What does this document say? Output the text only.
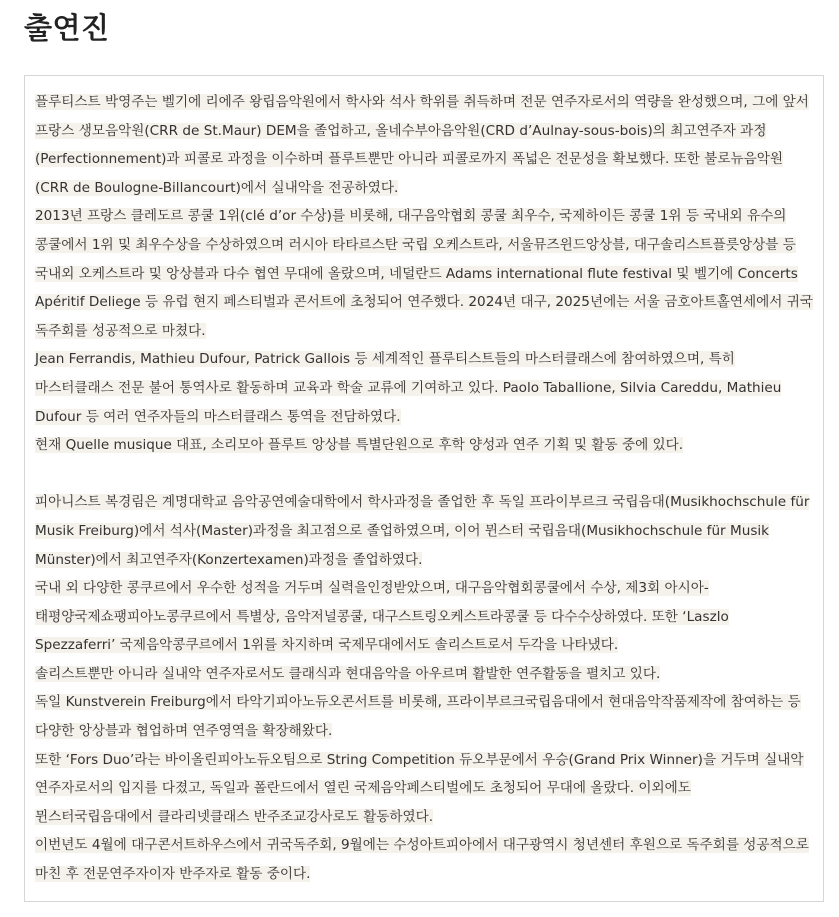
출연진
플루티스트 박영주는 벨기에 리에주 왕립음악원에서 학사와 석사 학위를 취득하며 전문 연주자로서의 역량을 완성했으며, 그에 앞서 프랑스 생모음악원(CRR de St.Maur) DEM을 졸업하고, 올네수부아음악원(CRD d’Aulnay-sous-bois)의 최고연주자 과정(Perfectionnement)과 피콜로 과정을 이수하며 플루트뿐만 아니라 피콜로까지 폭넓은 전문성을 확보했다. 또한 불로뉴음악원(CRR de Boulogne-Billancourt)에서 실내악을 전공하였다.
2013년 프랑스 클레도르 콩쿨 1위(clé d’or 수상)를 비롯해, 대구음악협회 콩쿨 최우수, 국제하이든 콩쿨 1위 등 국내외 유수의 콩쿨에서 1위 및 최우수상을 수상하였으며 러시아 타타르스탄 국립 오케스트라, 서울뮤즈윈드앙상블, 대구솔리스트플릇앙상블 등 국내외 오케스트라 및 앙상블과 다수 협연 무대에 올랐으며, 네덜란드 Adams international flute festival 및 벨기에 Concerts Apéritif Deliege 등 유럽 현지 페스티벌과 콘서트에 초청되어 연주했다. 2024년 대구, 2025년에는 서울 금호아트홀연세에서 귀국 독주회를 성공적으로 마쳤다.
Jean Ferrandis, Mathieu Dufour, Patrick Gallois 등 세계적인 플루티스트들의 마스터클래스에 참여하였으며, 특히 마스터클래스 전문 불어 통역사로 활동하며 교육과 학술 교류에 기여하고 있다. Paolo Taballione, Silvia Careddu, Mathieu Dufour 등 여러 연주자들의 마스터클래스 통역을 전담하였다.
현재 Quelle musique 대표, 소리모아 플루트 앙상블 특별단원으로 후학 양성과 연주 기획 및 활동 중에 있다.
피아니스트 복경림은 계명대학교 음악공연예술대학에서 학사과정을 졸업한 후 독일 프라이부르크 국립음대(Musikhochschule für Musik Freiburg)에서 석사(Master)과정을 최고점으로 졸업하였으며, 이어 뮌스터 국립음대(Musikhochschule für Musik Münster)에서 최고연주자(Konzertexamen)과정을 졸업하였다.
국내 외 다양한 콩쿠르에서 우수한 성적을 거두며 실력을인정받았으며, 대구음악협회콩쿨에서 수상, 제3회 아시아-태평양국제쇼팽피아노콩쿠르에서 특별상, 음악저널콩쿨, 대구스트링오케스트라콩쿨 등 다수수상하였다. 또한 ‘Laszlo Spezzaferri’ 국제음악콩쿠르에서 1위를 차지하며 국제무대에서도 솔리스트로서 두각을 나타냈다.
솔리스트뿐만 아니라 실내악 연주자로서도 클래식과 현대음악을 아우르며 활발한 연주활동을 펼치고 있다.
독일 Kunstverein Freiburg에서 타악기피아노듀오콘서트를 비롯해, 프라이부르크국립음대에서 현대음악작품제작에 참여하는 등 다양한 앙상블과 협업하며 연주영역을 확장해왔다.
또한 ‘Fors Duo’라는 바이올린피아노듀오팀으로 String Competition 듀오부문에서 우승(Grand Prix Winner)을 거두며 실내악 연주자로서의 입지를 다졌고, 독일과 폴란드에서 열린 국제음악페스티벌에도 초청되어 무대에 올랐다. 이외에도 뮌스터국립음대에서 클라리넷클래스 반주조교강사로도 활동하였다.
이번년도 4월에 대구콘서트하우스에서 귀국독주회, 9월에는 수성아트피아에서 대구광역시 청년센터 후원으로 독주회를 성공적으로 마친 후 전문연주자이자 반주자로 활동 중이다.
